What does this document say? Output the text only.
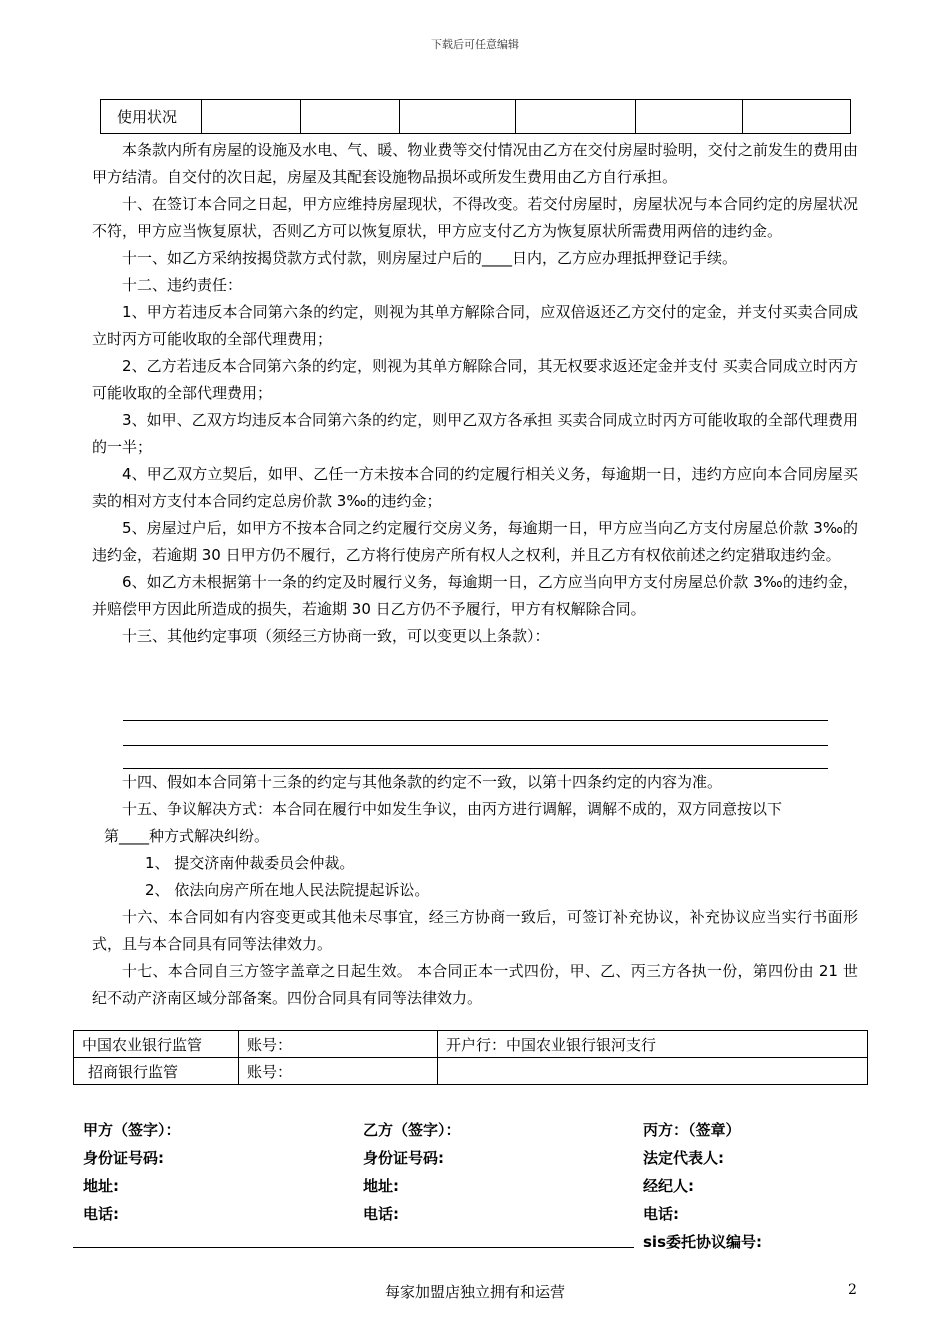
下载后可任意编辑
使用状况						

本条款内所有房屋的设施及水电、气、暖、物业费等交付情况由乙方在交付房屋时验明，交付之前发生的费用由甲方结清。自交付的次日起，房屋及其配套设施物品损坏或所发生费用由乙方自行承担。

十、在签订本合同之日起，甲方应维持房屋现状，不得改变。若交付房屋时，房屋状况与本合同约定的房屋状况不符，甲方应当恢复原状，否则乙方可以恢复原状，甲方应支付乙方为恢复原状所需费用两倍的违约金。

十一、如乙方采纳按揭贷款方式付款，则房屋过户后的____日内，乙方应办理抵押登记手续。

十二、违约责任：

1、甲方若违反本合同第六条的约定，则视为其单方解除合同，应双倍返还乙方交付的定金，并支付买卖合同成立时丙方可能收取的全部代理费用；

2、乙方若违反本合同第六条的约定，则视为其单方解除合同，其无权要求返还定金并支付 买卖合同成立时丙方可能收取的全部代理费用；

3、如甲、乙双方均违反本合同第六条的约定，则甲乙双方各承担 买卖合同成立时丙方可能收取的全部代理费用的一半；

4、甲乙双方立契后，如甲、乙任一方未按本合同的约定履行相关义务，每逾期一日，违约方应向本合同房屋买卖的相对方支付本合同约定总房价款 3‰的违约金；

5、房屋过户后，如甲方不按本合同之约定履行交房义务，每逾期一日，甲方应当向乙方支付房屋总价款 3‰的违约金，若逾期 30 日甲方仍不履行，乙方将行使房产所有权人之权利，并且乙方有权依前述之约定猎取违约金。

6、如乙方未根据第十一条的约定及时履行义务，每逾期一日，乙方应当向甲方支付房屋总价款 3‰的违约金，并赔偿甲方因此所造成的损失，若逾期 30 日乙方仍不予履行，甲方有权解除合同。

十三、其他约定事项（须经三方协商一致，可以变更以上条款）：

十四、假如本合同第十三条的约定与其他条款的约定不一致，以第十四条约定的内容为准。

十五、争议解决方式：本合同在履行中如发生争议，由丙方进行调解，调解不成的，双方同意按以下

第____种方式解决纠纷。

1、 提交济南仲裁委员会仲裁。

2、 依法向房产所在地人民法院提起诉讼。

十六、本合同如有内容变更或其他未尽事宜，经三方协商一致后，可签订补充协议，补充协议应当实行书面形式，且与本合同具有同等法律效力。

十七、本合同自三方签字盖章之日起生效。 本合同正本一式四份，甲、乙、丙三方各执一份，第四份由 21 世纪不动产济南区域分部备案。四份合同具有同等法律效力。

中国农业银行监管	账号：	开户行：中国农业银行银河支行
招商银行监管	账号：	
甲方（签字）：
身份证号码:
地址:
电话:
乙方（签字）：
身份证号码:
地址:
电话:
丙方：（签章）
法定代表人:
经纪人:
电话:
sis委托协议编号:
每家加盟店独立拥有和运营	2
